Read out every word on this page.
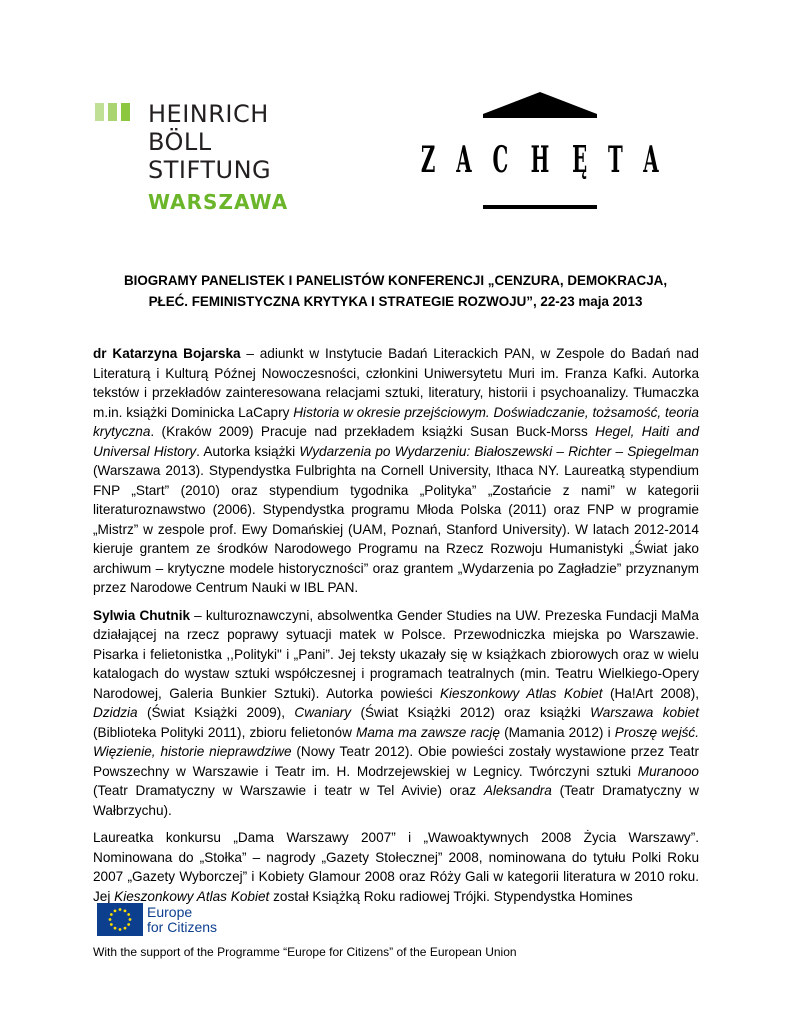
HEINRICH
BÖLL
STIFTUNG
WARSZAWA
Z A C H Ę T A
BIOGRAMY PANELISTEK I PANELISTÓW KONFERENCJI „CENZURA, DEMOKRACJA,
PŁEĆ. FEMINISTYCZNA KRYTYKA I STRATEGIE ROZWOJU”, 22-23 maja 2013

dr Katarzyna Bojarska – adiunkt w Instytucie Badań Literackich PAN, w Zespole do Badań nad Literaturą i Kulturą Późnej Nowoczesności, członkini Uniwersytetu Muri im. Franza Kafki. Autorka tekstów i przekładów zainteresowana relacjami sztuki, literatury, historii i psychoanalizy. Tłumaczka m.in. książki Dominicka LaCapry Historia w okresie przejściowym. Doświadczanie, tożsamość, teoria krytyczna. (Kraków 2009) Pracuje nad przekładem książki Susan Buck-Morss Hegel, Haiti and Universal History. Autorka książki Wydarzenia po Wydarzeniu: Białoszewski – Richter – Spiegelman (Warszawa 2013). Stypendystka Fulbrighta na Cornell University, Ithaca NY. Laureatką stypendium FNP „Start” (2010) oraz stypendium tygodnika „Polityka” „Zostańcie z nami” w kategorii literaturoznawstwo (2006). Stypendystka programu Młoda Polska (2011) oraz FNP w programie „Mistrz” w zespole prof. Ewy Domańskiej (UAM, Poznań, Stanford University). W latach 2012-2014 kieruje grantem ze środków Narodowego Programu na Rzecz Rozwoju Humanistyki „Świat jako archiwum – krytyczne modele historyczności” oraz grantem „Wydarzenia po Zagładzie” przyznanym przez Narodowe Centrum Nauki w IBL PAN.

Sylwia Chutnik – kulturoznawczyni, absolwentka Gender Studies na UW. Prezeska Fundacji MaMa działającej na rzecz poprawy sytuacji matek w Polsce. Przewodniczka miejska po Warszawie. Pisarka i felietonistka ,,Polityki" i „Pani”. Jej teksty ukazały się w książkach zbiorowych oraz w wielu katalogach do wystaw sztuki współczesnej i programach teatralnych (min. Teatru Wielkiego-Opery Narodowej, Galeria Bunkier Sztuki). Autorka powieści Kieszonkowy Atlas Kobiet (Ha!Art 2008), Dzidzia (Świat Książki 2009), Cwaniary (Świat Książki 2012) oraz książki Warszawa kobiet (Biblioteka Polityki 2011), zbioru felietonów Mama ma zawsze rację (Mamania 2012) i Proszę wejść. Więzienie, historie nieprawdziwe (Nowy Teatr 2012). Obie powieści zostały wystawione przez Teatr Powszechny w Warszawie i Teatr im. H. Modrzejewskiej w Legnicy. Twórczyni sztuki Muranooo (Teatr Dramatyczny w Warszawie i teatr w Tel Avivie) oraz Aleksandra (Teatr Dramatyczny w Wałbrzychu).

Laureatka konkursu „Dama Warszawy 2007” i „Wawoaktywnych 2008 Życia Warszawy”. Nominowana do „Stołka” – nagrody „Gazety Stołecznej” 2008, nominowana do tytułu Polki Roku 2007 „Gazety Wyborczej” i Kobiety Glamour 2008 oraz Róży Gali w kategorii literatura w 2010 roku. Jej Kieszonkowy Atlas Kobiet został Książką Roku radiowej Trójki. Stypendystka Homines

Europe
for Citizens
With the support of the Programme “Europe for Citizens” of the European Union
